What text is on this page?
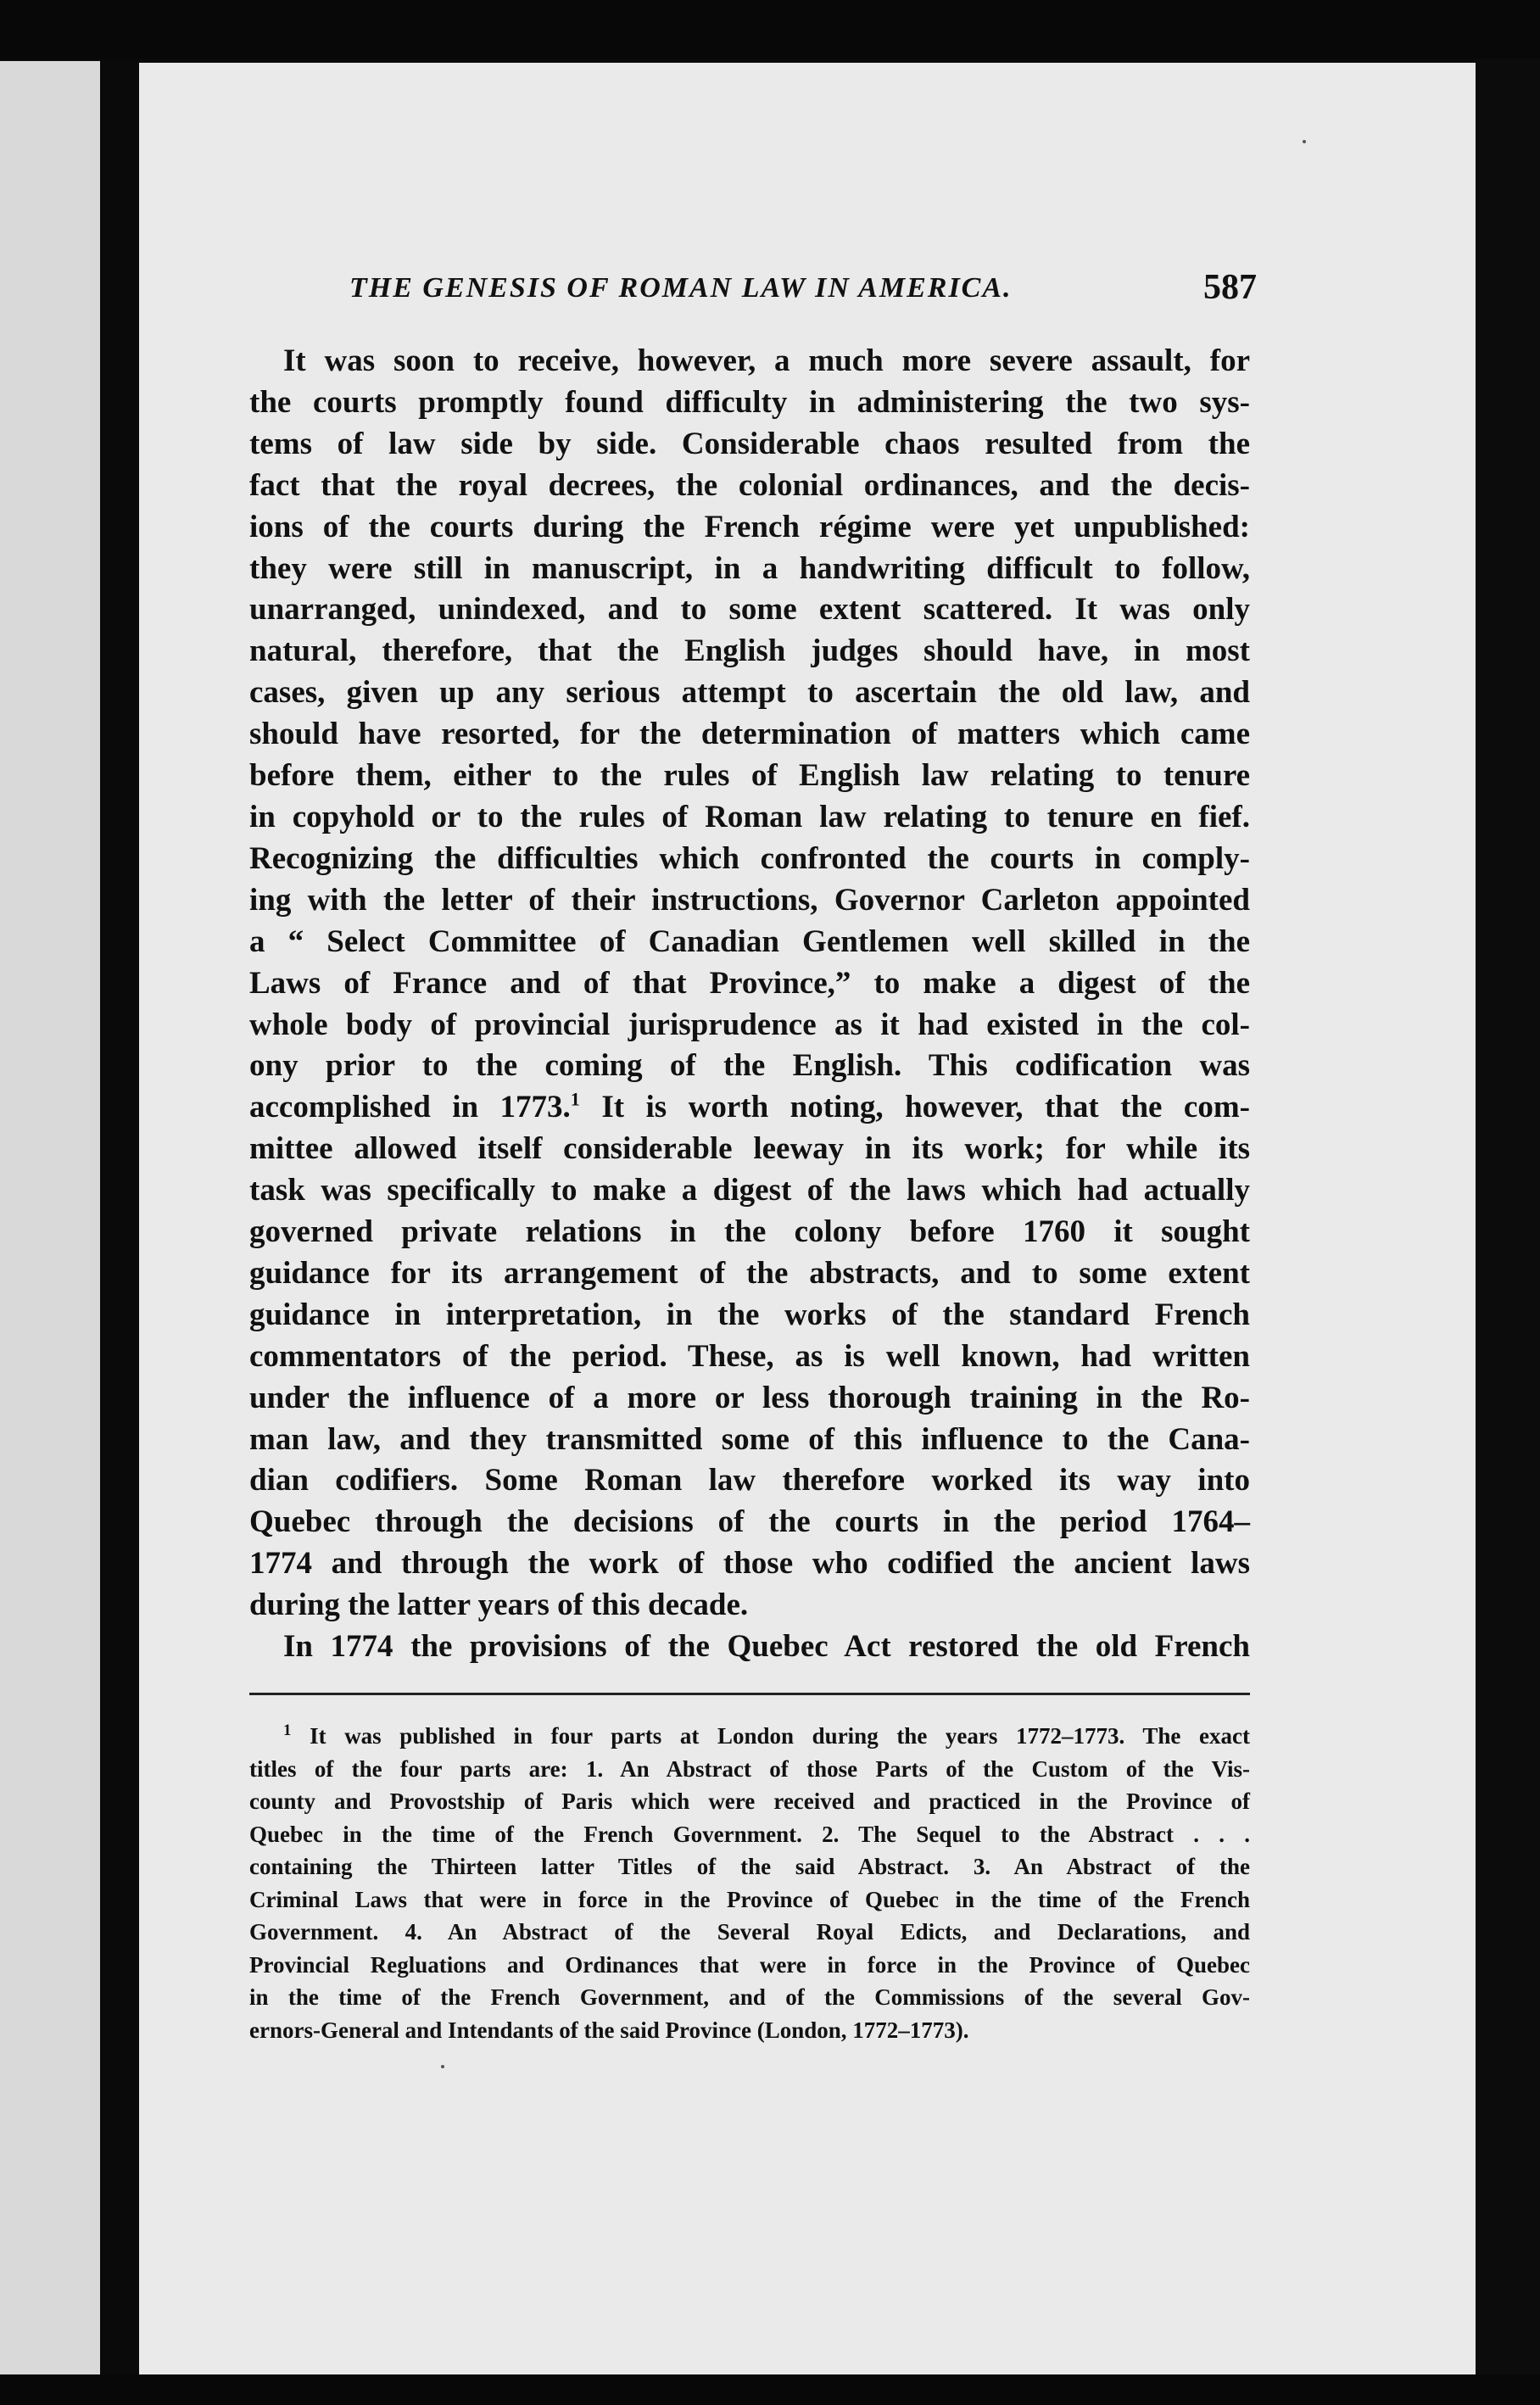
THE GENESIS OF ROMAN LAW IN AMERICA.	587
It was soon to receive, however, a much more severe assault, for
the courts promptly found difficulty in administering the two sys-
tems of law side by side. Considerable chaos resulted from the
fact that the royal decrees, the colonial ordinances, and the decis-
ions of the courts during the French régime were yet unpublished:
they were still in manuscript, in a handwriting difficult to follow,
unarranged, unindexed, and to some extent scattered. It was only
natural, therefore, that the English judges should have, in most
cases, given up any serious attempt to ascertain the old law, and
should have resorted, for the determination of matters which came
before them, either to the rules of English law relating to tenure
in copyhold or to the rules of Roman law relating to tenure en fief.
Recognizing the difficulties which confronted the courts in comply-
ing with the letter of their instructions, Governor Carleton appointed
a “ Select Committee of Canadian Gentlemen well skilled in the
Laws of France and of that Province,” to make a digest of the
whole body of provincial jurisprudence as it had existed in the col-
ony prior to the coming of the English. This codification was
accomplished in 1773.$^1$ It is worth noting, however, that the com-
mittee allowed itself considerable leeway in its work; for while its
task was specifically to make a digest of the laws which had actually
governed private relations in the colony before 1760 it sought
guidance for its arrangement of the abstracts, and to some extent
guidance in interpretation, in the works of the standard French
commentators of the period. These, as is well known, had written
under the influence of a more or less thorough training in the Ro-
man law, and they transmitted some of this influence to the Cana-
dian codifiers. Some Roman law therefore worked its way into
Quebec through the decisions of the courts in the period 1764–
1774 and through the work of those who codified the ancient laws
during the latter years of this decade.
In 1774 the provisions of the Quebec Act restored the old French
$^1$ It was published in four parts at London during the years 1772–1773. The exact
titles of the four parts are: 1. An Abstract of those Parts of the Custom of the Vis-
county and Provostship of Paris which were received and practiced in the Province of
Quebec in the time of the French Government. 2. The Sequel to the Abstract . . .
containing the Thirteen latter Titles of the said Abstract. 3. An Abstract of the
Criminal Laws that were in force in the Province of Quebec in the time of the French
Government. 4. An Abstract of the Several Royal Edicts, and Declarations, and
Provincial Regluations and Ordinances that were in force in the Province of Quebec
in the time of the French Government, and of the Commissions of the several Gov-
ernors-General and Intendants of the said Province (London, 1772–1773).
